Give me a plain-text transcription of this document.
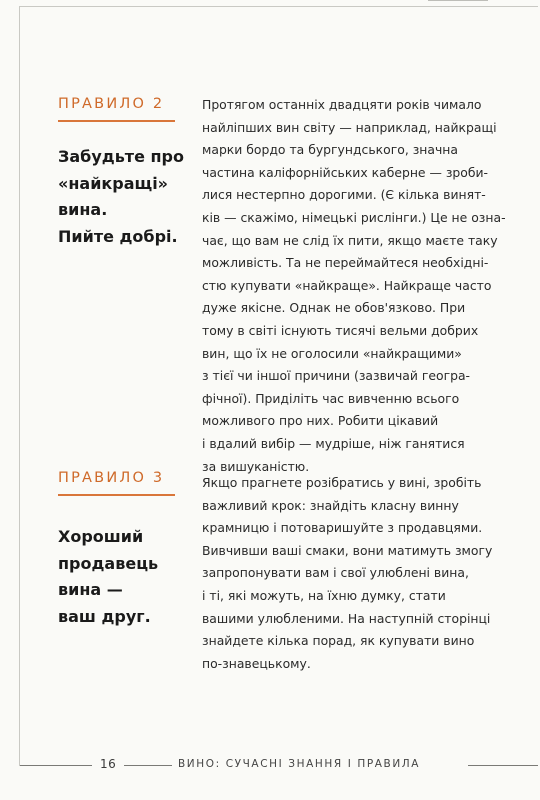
ПРАВИЛО 2
Забудьте про
«найкращі»
вина.
Пийте добрі.
Протягом останніх двадцяти років чимало
найліпших вин світу — наприклад, найкращі
марки бордо та бургундського, значна
частина каліфорнійських каберне — зроби-
лися нестерпно дорогими. (Є кілька винят-
ків — скажімо, німецькі рислінги.) Це не озна-
чає, що вам не слід їх пити, якщо маєте таку
можливість. Та не переймайтеся необхідні-
стю купувати «найкраще». Найкраще часто
дуже якісне. Однак не обов'язково. При
тому в світі існують тисячі вельми добрих
вин, що їх не оголосили «найкращими»
з тієї чи іншої причини (зазвичай геогра-
фічної). Приділіть час вивченню всього
можливого про них. Робити цікавий
і вдалий вибір — мудріше, ніж ганятися
за вишуканістю.
ПРАВИЛО 3
Хороший
продавець
вина —
ваш друг.
Якщо прагнете розібратись у вині, зробіть
важливий крок: знайдіть класну винну
крамницю і потоваришуйте з продавцями.
Вивчивши ваші смаки, вони матимуть змогу
запропонувати вам і свої улюблені вина,
і ті, які можуть, на їхню думку, стати
вашими улюбленими. На наступній сторінці
знайдете кілька порад, як купувати вино
по-знавецькому.
16	ВИНО: СУЧАСНІ ЗНАННЯ І ПРАВИЛА
